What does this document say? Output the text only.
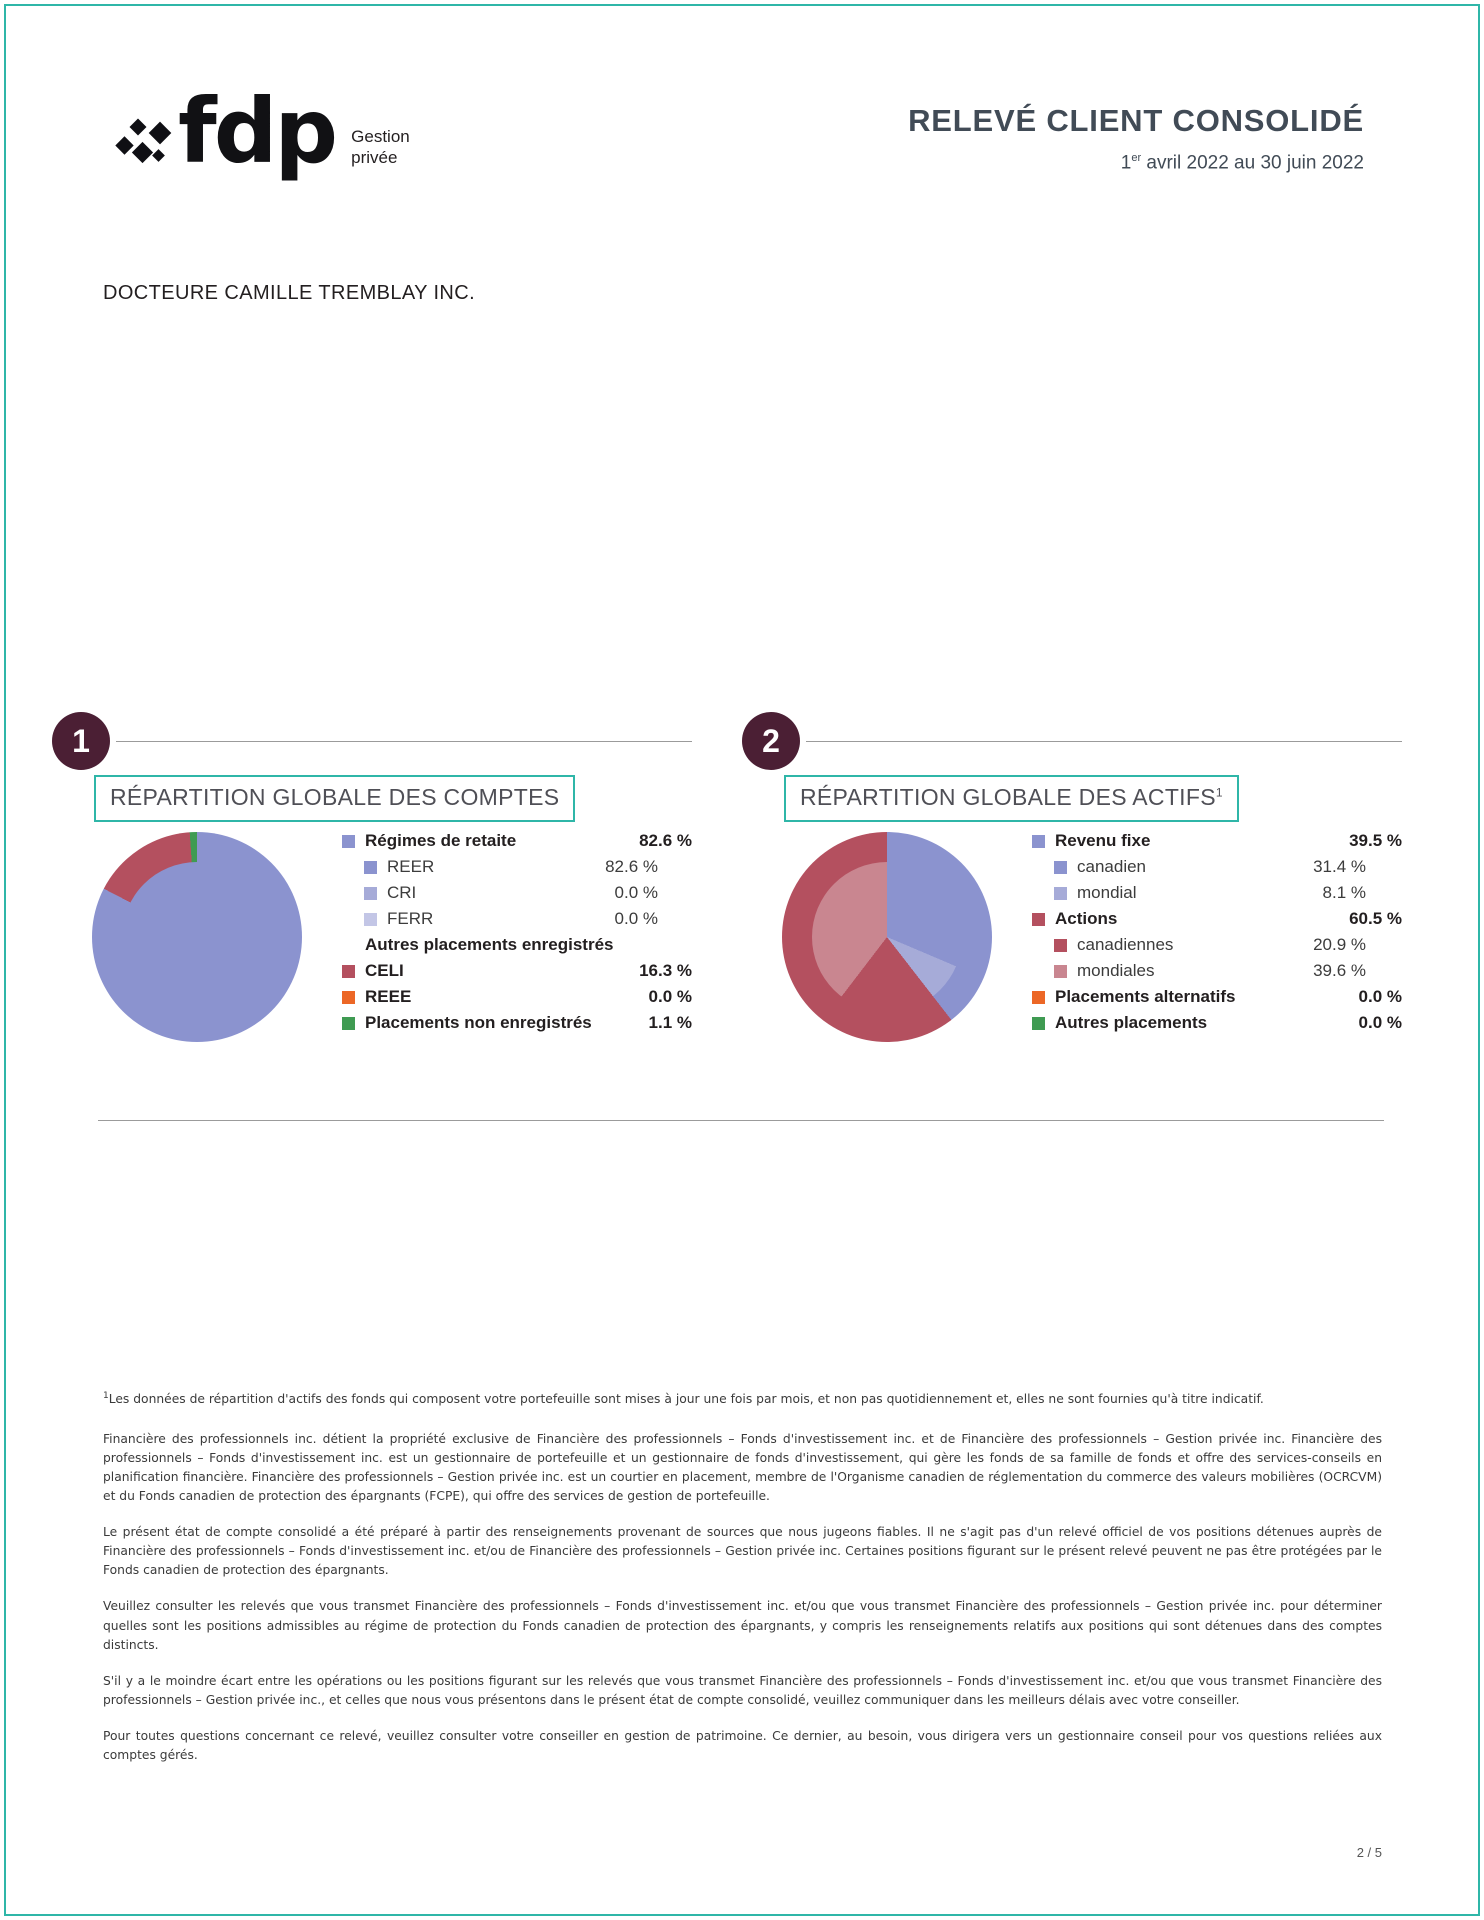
fdp Gestion
privée
RELEVÉ CLIENT CONSOLIDÉ
1er avril 2022 au 30 juin 2022
DOCTEURE CAMILLE TREMBLAY INC.
1
RÉPARTITION GLOBALE DES COMPTES
Régimes de retaite	82.6 %
REER	82.6 %
CRI	0.0 %
FERR	0.0 %
Autres placements enregistrés
CELI	16.3 %
REEE	0.0 %
Placements non enregistrés	1.1 %
2
RÉPARTITION GLOBALE DES ACTIFS$^1$
Revenu fixe	39.5 %
canadien	31.4 %
mondial	8.1 %
Actions	60.5 %
canadiennes	20.9 %
mondiales	39.6 %
Placements alternatifs	0.0 %
Autres placements	0.0 %

$^1$Les données de répartition d'actifs des fonds qui composent votre portefeuille sont mises à jour une fois par mois, et non pas quotidiennement et, elles ne sont fournies qu'à titre indicatif.

Financière des professionnels inc. détient la propriété exclusive de Financière des professionnels – Fonds d'investissement inc. et de Financière des professionnels – Gestion privée inc. Financière des professionnels – Fonds d'investissement inc. est un gestionnaire de portefeuille et un gestionnaire de fonds d'investissement, qui gère les fonds de sa famille de fonds et offre des services-conseils en planification financière. Financière des professionnels – Gestion privée inc. est un courtier en placement, membre de l'Organisme canadien de réglementation du commerce des valeurs mobilières (OCRCVM) et du Fonds canadien de protection des épargnants (FCPE), qui offre des services de gestion de portefeuille.

Le présent état de compte consolidé a été préparé à partir des renseignements provenant de sources que nous jugeons fiables. Il ne s'agit pas d'un relevé officiel de vos positions détenues auprès de Financière des professionnels – Fonds d'investissement inc. et/ou de Financière des professionnels – Gestion privée inc. Certaines positions figurant sur le présent relevé peuvent ne pas être protégées par le Fonds canadien de protection des épargnants.

Veuillez consulter les relevés que vous transmet Financière des professionnels – Fonds d'investissement inc. et/ou que vous transmet Financière des professionnels – Gestion privée inc. pour déterminer quelles sont les positions admissibles au régime de protection du Fonds canadien de protection des épargnants, y compris les renseignements relatifs aux positions qui sont détenues dans des comptes distincts.

S'il y a le moindre écart entre les opérations ou les positions figurant sur les relevés que vous transmet Financière des professionnels – Fonds d'investissement inc. et/ou que vous transmet Financière des professionnels – Gestion privée inc., et celles que nous vous présentons dans le présent état de compte consolidé, veuillez communiquer dans les meilleurs délais avec votre conseiller.

Pour toutes questions concernant ce relevé, veuillez consulter votre conseiller en gestion de patrimoine. Ce dernier, au besoin, vous dirigera vers un gestionnaire conseil pour vos questions reliées aux comptes gérés.

2 / 5
